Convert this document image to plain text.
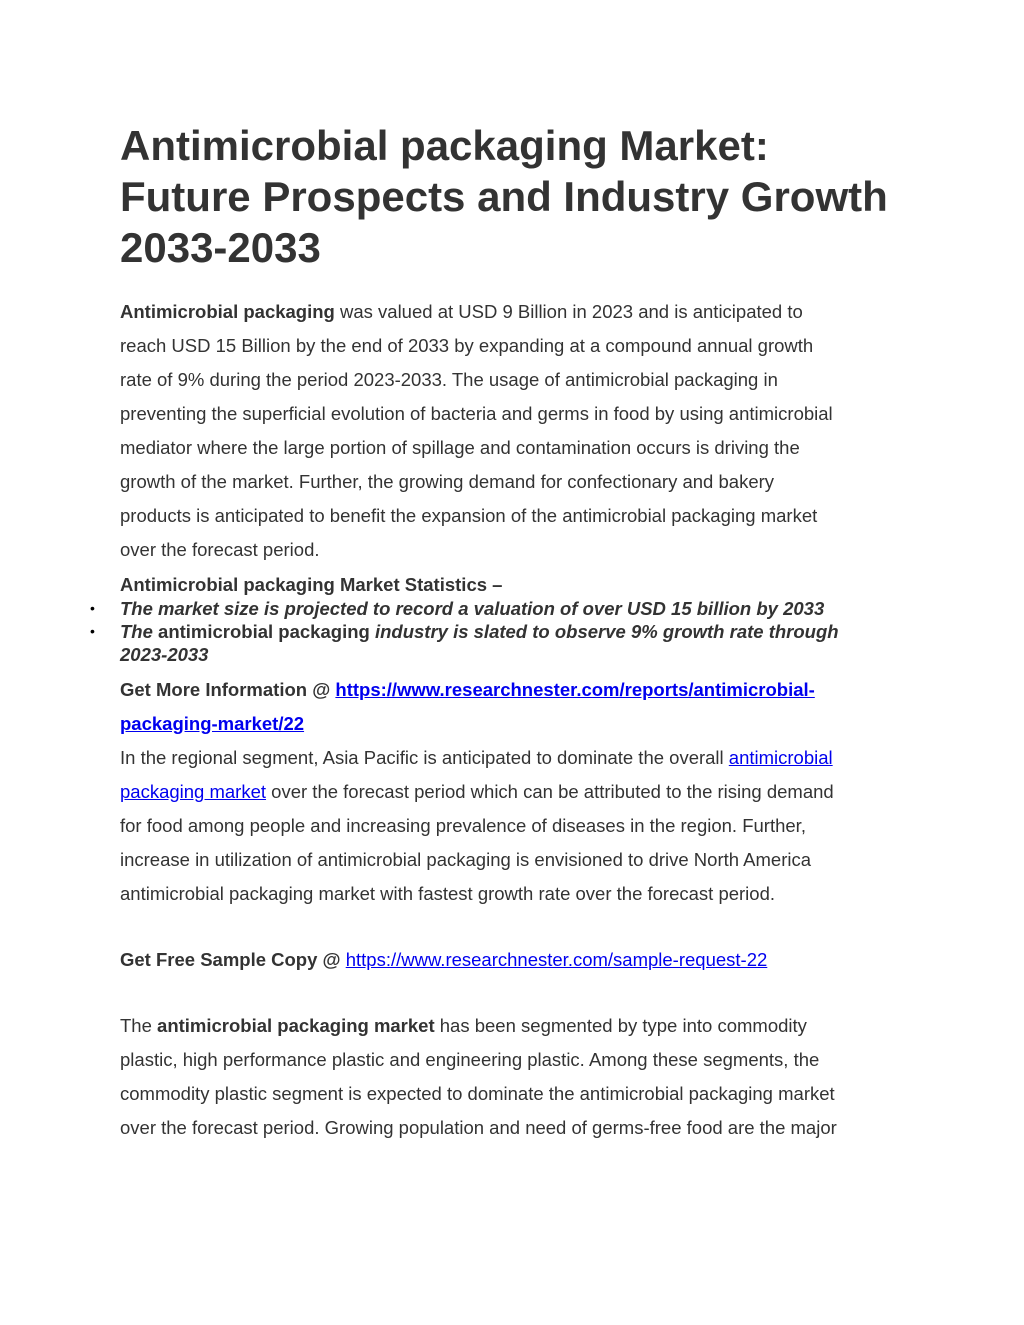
Antimicrobial packaging Market:
Future Prospects and Industry Growth
2033-2033

Antimicrobial packaging was valued at USD 9 Billion in 2023 and is anticipated to
reach USD 15 Billion by the end of 2033 by expanding at a compound annual growth
rate of 9% during the period 2023-2033. The usage of antimicrobial packaging in
preventing the superficial evolution of bacteria and germs in food by using antimicrobial
mediator where the large portion of spillage and contamination occurs is driving the
growth of the market. Further, the growing demand for confectionary and bakery
products is anticipated to benefit the expansion of the antimicrobial packaging market
over the forecast period.

Antimicrobial packaging Market Statistics –
• The market size is projected to record a valuation of over USD 15 billion by 2033
• The antimicrobial packaging industry is slated to observe 9% growth rate through
2023-2033

Get More Information @ https://www.researchnester.com/reports/antimicrobial-
packaging-market/22

In the regional segment, Asia Pacific is anticipated to dominate the overall antimicrobial
packaging market over the forecast period which can be attributed to the rising demand
for food among people and increasing prevalence of diseases in the region. Further,
increase in utilization of antimicrobial packaging is envisioned to drive North America
antimicrobial packaging market with fastest growth rate over the forecast period.

Get Free Sample Copy @ https://www.researchnester.com/sample-request-22

The antimicrobial packaging market has been segmented by type into commodity
plastic, high performance plastic and engineering plastic. Among these segments, the
commodity plastic segment is expected to dominate the antimicrobial packaging market
over the forecast period. Growing population and need of germs-free food are the major
